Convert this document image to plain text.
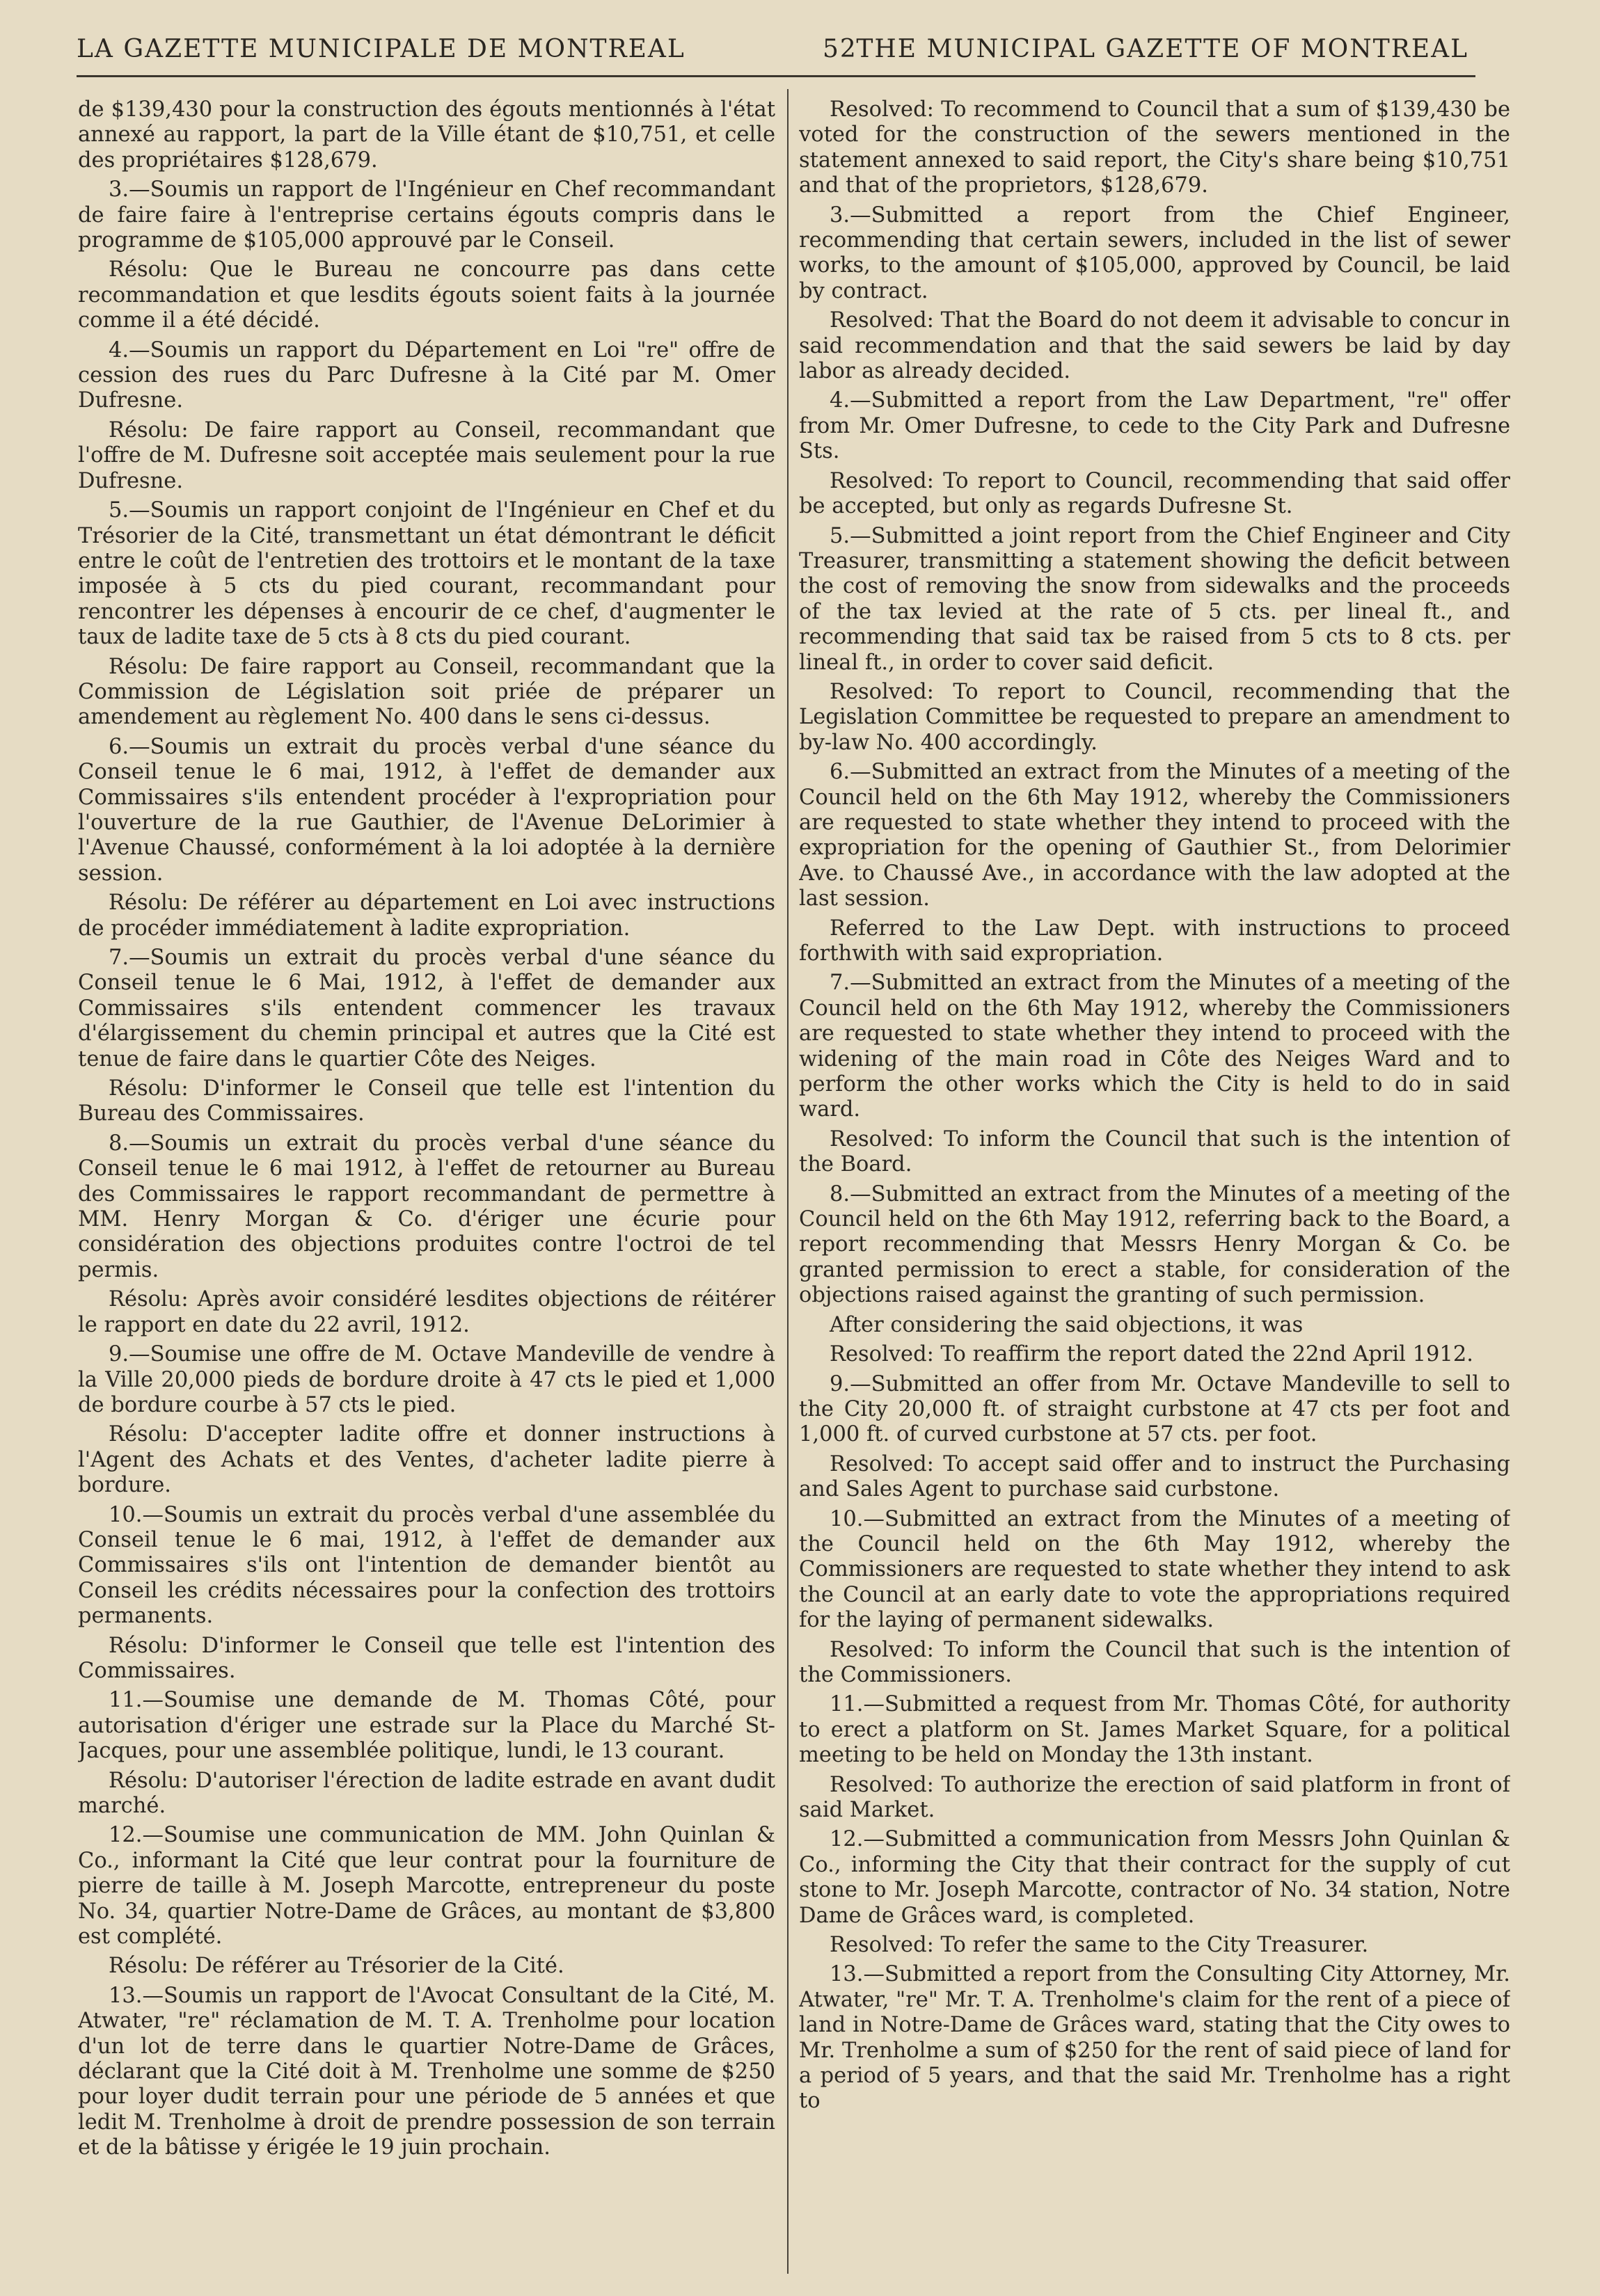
LA GAZETTE MUNICIPALE DE MONTREAL	52
THE MUNICIPAL GAZETTE OF MONTREAL

de $139,430 pour la construction des égouts mentionnés à l'état annexé au rapport, la part de la Ville étant de $10,751, et celle des propriétaires $128,679.

3.—Soumis un rapport de l'Ingénieur en Chef recommandant de faire faire à l'entreprise certains égouts compris dans le programme de $105,000 approuvé par le Conseil.

Résolu: Que le Bureau ne concourre pas dans cette recommandation et que lesdits égouts soient faits à la journée comme il a été décidé.

4.—Soumis un rapport du Département en Loi "re" offre de cession des rues du Parc Dufresne à la Cité par M. Omer Dufresne.

Résolu: De faire rapport au Conseil, recommandant que l'offre de M. Dufresne soit acceptée mais seulement pour la rue Dufresne.

5.—Soumis un rapport conjoint de l'Ingénieur en Chef et du Trésorier de la Cité, transmettant un état démontrant le déficit entre le coût de l'entretien des trottoirs et le montant de la taxe imposée à 5 cts du pied courant, recommandant pour rencontrer les dépenses à encourir de ce chef, d'augmenter le taux de ladite taxe de 5 cts à 8 cts du pied courant.

Résolu: De faire rapport au Conseil, recommandant que la Commission de Législation soit priée de préparer un amendement au règlement No. 400 dans le sens ci-dessus.

6.—Soumis un extrait du procès verbal d'une séance du Conseil tenue le 6 mai, 1912, à l'effet de demander aux Commissaires s'ils entendent procéder à l'expropriation pour l'ouverture de la rue Gauthier, de l'Avenue DeLorimier à l'Avenue Chaussé, conformément à la loi adoptée à la dernière session.

Résolu: De référer au département en Loi avec instructions de procéder immédiatement à ladite expropriation.

7.—Soumis un extrait du procès verbal d'une séance du Conseil tenue le 6 Mai, 1912, à l'effet de demander aux Commissaires s'ils entendent commencer les travaux d'élargissement du chemin principal et autres que la Cité est tenue de faire dans le quartier Côte des Neiges.

Résolu: D'informer le Conseil que telle est l'intention du Bureau des Commissaires.

8.—Soumis un extrait du procès verbal d'une séance du Conseil tenue le 6 mai 1912, à l'effet de retourner au Bureau des Commissaires le rapport recommandant de permettre à MM. Henry Morgan & Co. d'ériger une écurie pour considération des objections produites contre l'octroi de tel permis.

Résolu: Après avoir considéré lesdites objections de réitérer le rapport en date du 22 avril, 1912.

9.—Soumise une offre de M. Octave Mandeville de vendre à la Ville 20,000 pieds de bordure droite à 47 cts le pied et 1,000 de bordure courbe à 57 cts le pied.

Résolu: D'accepter ladite offre et donner instructions à l'Agent des Achats et des Ventes, d'acheter ladite pierre à bordure.

10.—Soumis un extrait du procès verbal d'une assemblée du Conseil tenue le 6 mai, 1912, à l'effet de demander aux Commissaires s'ils ont l'intention de demander bientôt au Conseil les crédits nécessaires pour la confection des trottoirs permanents.

Résolu: D'informer le Conseil que telle est l'intention des Commissaires.

11.—Soumise une demande de M. Thomas Côté, pour autorisation d'ériger une estrade sur la Place du Marché St-Jacques, pour une assemblée politique, lundi, le 13 courant.

Résolu: D'autoriser l'érection de ladite estrade en avant dudit marché.

12.—Soumise une communication de MM. John Quinlan & Co., informant la Cité que leur contrat pour la fourniture de pierre de taille à M. Joseph Marcotte, entrepreneur du poste No. 34, quartier Notre-Dame de Grâces, au montant de $3,800 est complété.

Résolu: De référer au Trésorier de la Cité.

13.—Soumis un rapport de l'Avocat Consultant de la Cité, M. Atwater, "re" réclamation de M. T. A. Trenholme pour location d'un lot de terre dans le quartier Notre-Dame de Grâces, déclarant que la Cité doit à M. Trenholme une somme de $250 pour loyer dudit terrain pour une période de 5 années et que ledit M. Trenholme à droit de prendre possession de son terrain et de la bâtisse y érigée le 19 juin prochain.

Resolved: To recommend to Council that a sum of $139,430 be voted for the construction of the sewers mentioned in the statement annexed to said report, the City's share being $10,751 and that of the proprietors, $128,679.

3.—Submitted a report from the Chief Engineer, recommending that certain sewers, included in the list of sewer works, to the amount of $105,000, approved by Council, be laid by contract.

Resolved: That the Board do not deem it advisable to concur in said recommendation and that the said sewers be laid by day labor as already decided.

4.—Submitted a report from the Law Department, "re" offer from Mr. Omer Dufresne, to cede to the City Park and Dufresne Sts.

Resolved: To report to Council, recommending that said offer be accepted, but only as regards Dufresne St.

5.—Submitted a joint report from the Chief Engineer and City Treasurer, transmitting a statement showing the deficit between the cost of removing the snow from sidewalks and the proceeds of the tax levied at the rate of 5 cts. per lineal ft., and recommending that said tax be raised from 5 cts to 8 cts. per lineal ft., in order to cover said deficit.

Resolved: To report to Council, recommending that the Legislation Committee be requested to prepare an amendment to by-law No. 400 accordingly.

6.—Submitted an extract from the Minutes of a meeting of the Council held on the 6th May 1912, whereby the Commissioners are requested to state whether they intend to proceed with the expropriation for the opening of Gauthier St., from Delorimier Ave. to Chaussé Ave., in accordance with the law adopted at the last session.

Referred to the Law Dept. with instructions to proceed forthwith with said expropriation.

7.—Submitted an extract from the Minutes of a meeting of the Council held on the 6th May 1912, whereby the Commissioners are requested to state whether they intend to proceed with the widening of the main road in Côte des Neiges Ward and to perform the other works which the City is held to do in said ward.

Resolved: To inform the Council that such is the intention of the Board.

8.—Submitted an extract from the Minutes of a meeting of the Council held on the 6th May 1912, referring back to the Board, a report recommending that Messrs Henry Morgan & Co. be granted permission to erect a stable, for consideration of the objections raised against the granting of such permission.

After considering the said objections, it was

Resolved: To reaffirm the report dated the 22nd April 1912.

9.—Submitted an offer from Mr. Octave Mandeville to sell to the City 20,000 ft. of straight curbstone at 47 cts per foot and 1,000 ft. of curved curbstone at 57 cts. per foot.

Resolved: To accept said offer and to instruct the Purchasing and Sales Agent to purchase said curbstone.

10.—Submitted an extract from the Minutes of a meeting of the Council held on the 6th May 1912, whereby the Commissioners are requested to state whether they intend to ask the Council at an early date to vote the appropriations required for the laying of permanent sidewalks.

Resolved: To inform the Council that such is the intention of the Commissioners.

11.—Submitted a request from Mr. Thomas Côté, for authority to erect a platform on St. James Market Square, for a political meeting to be held on Monday the 13th instant.

Resolved: To authorize the erection of said platform in front of said Market.

12.—Submitted a communication from Messrs John Quinlan & Co., informing the City that their contract for the supply of cut stone to Mr. Joseph Marcotte, contractor of No. 34 station, Notre Dame de Grâces ward, is completed.

Resolved: To refer the same to the City Treasurer.

13.—Submitted a report from the Consulting City Attorney, Mr. Atwater, "re" Mr. T. A. Trenholme's claim for the rent of a piece of land in Notre-Dame de Grâces ward, stating that the City owes to Mr. Trenholme a sum of $250 for the rent of said piece of land for a period of 5 years, and that the said Mr. Trenholme has a right to
